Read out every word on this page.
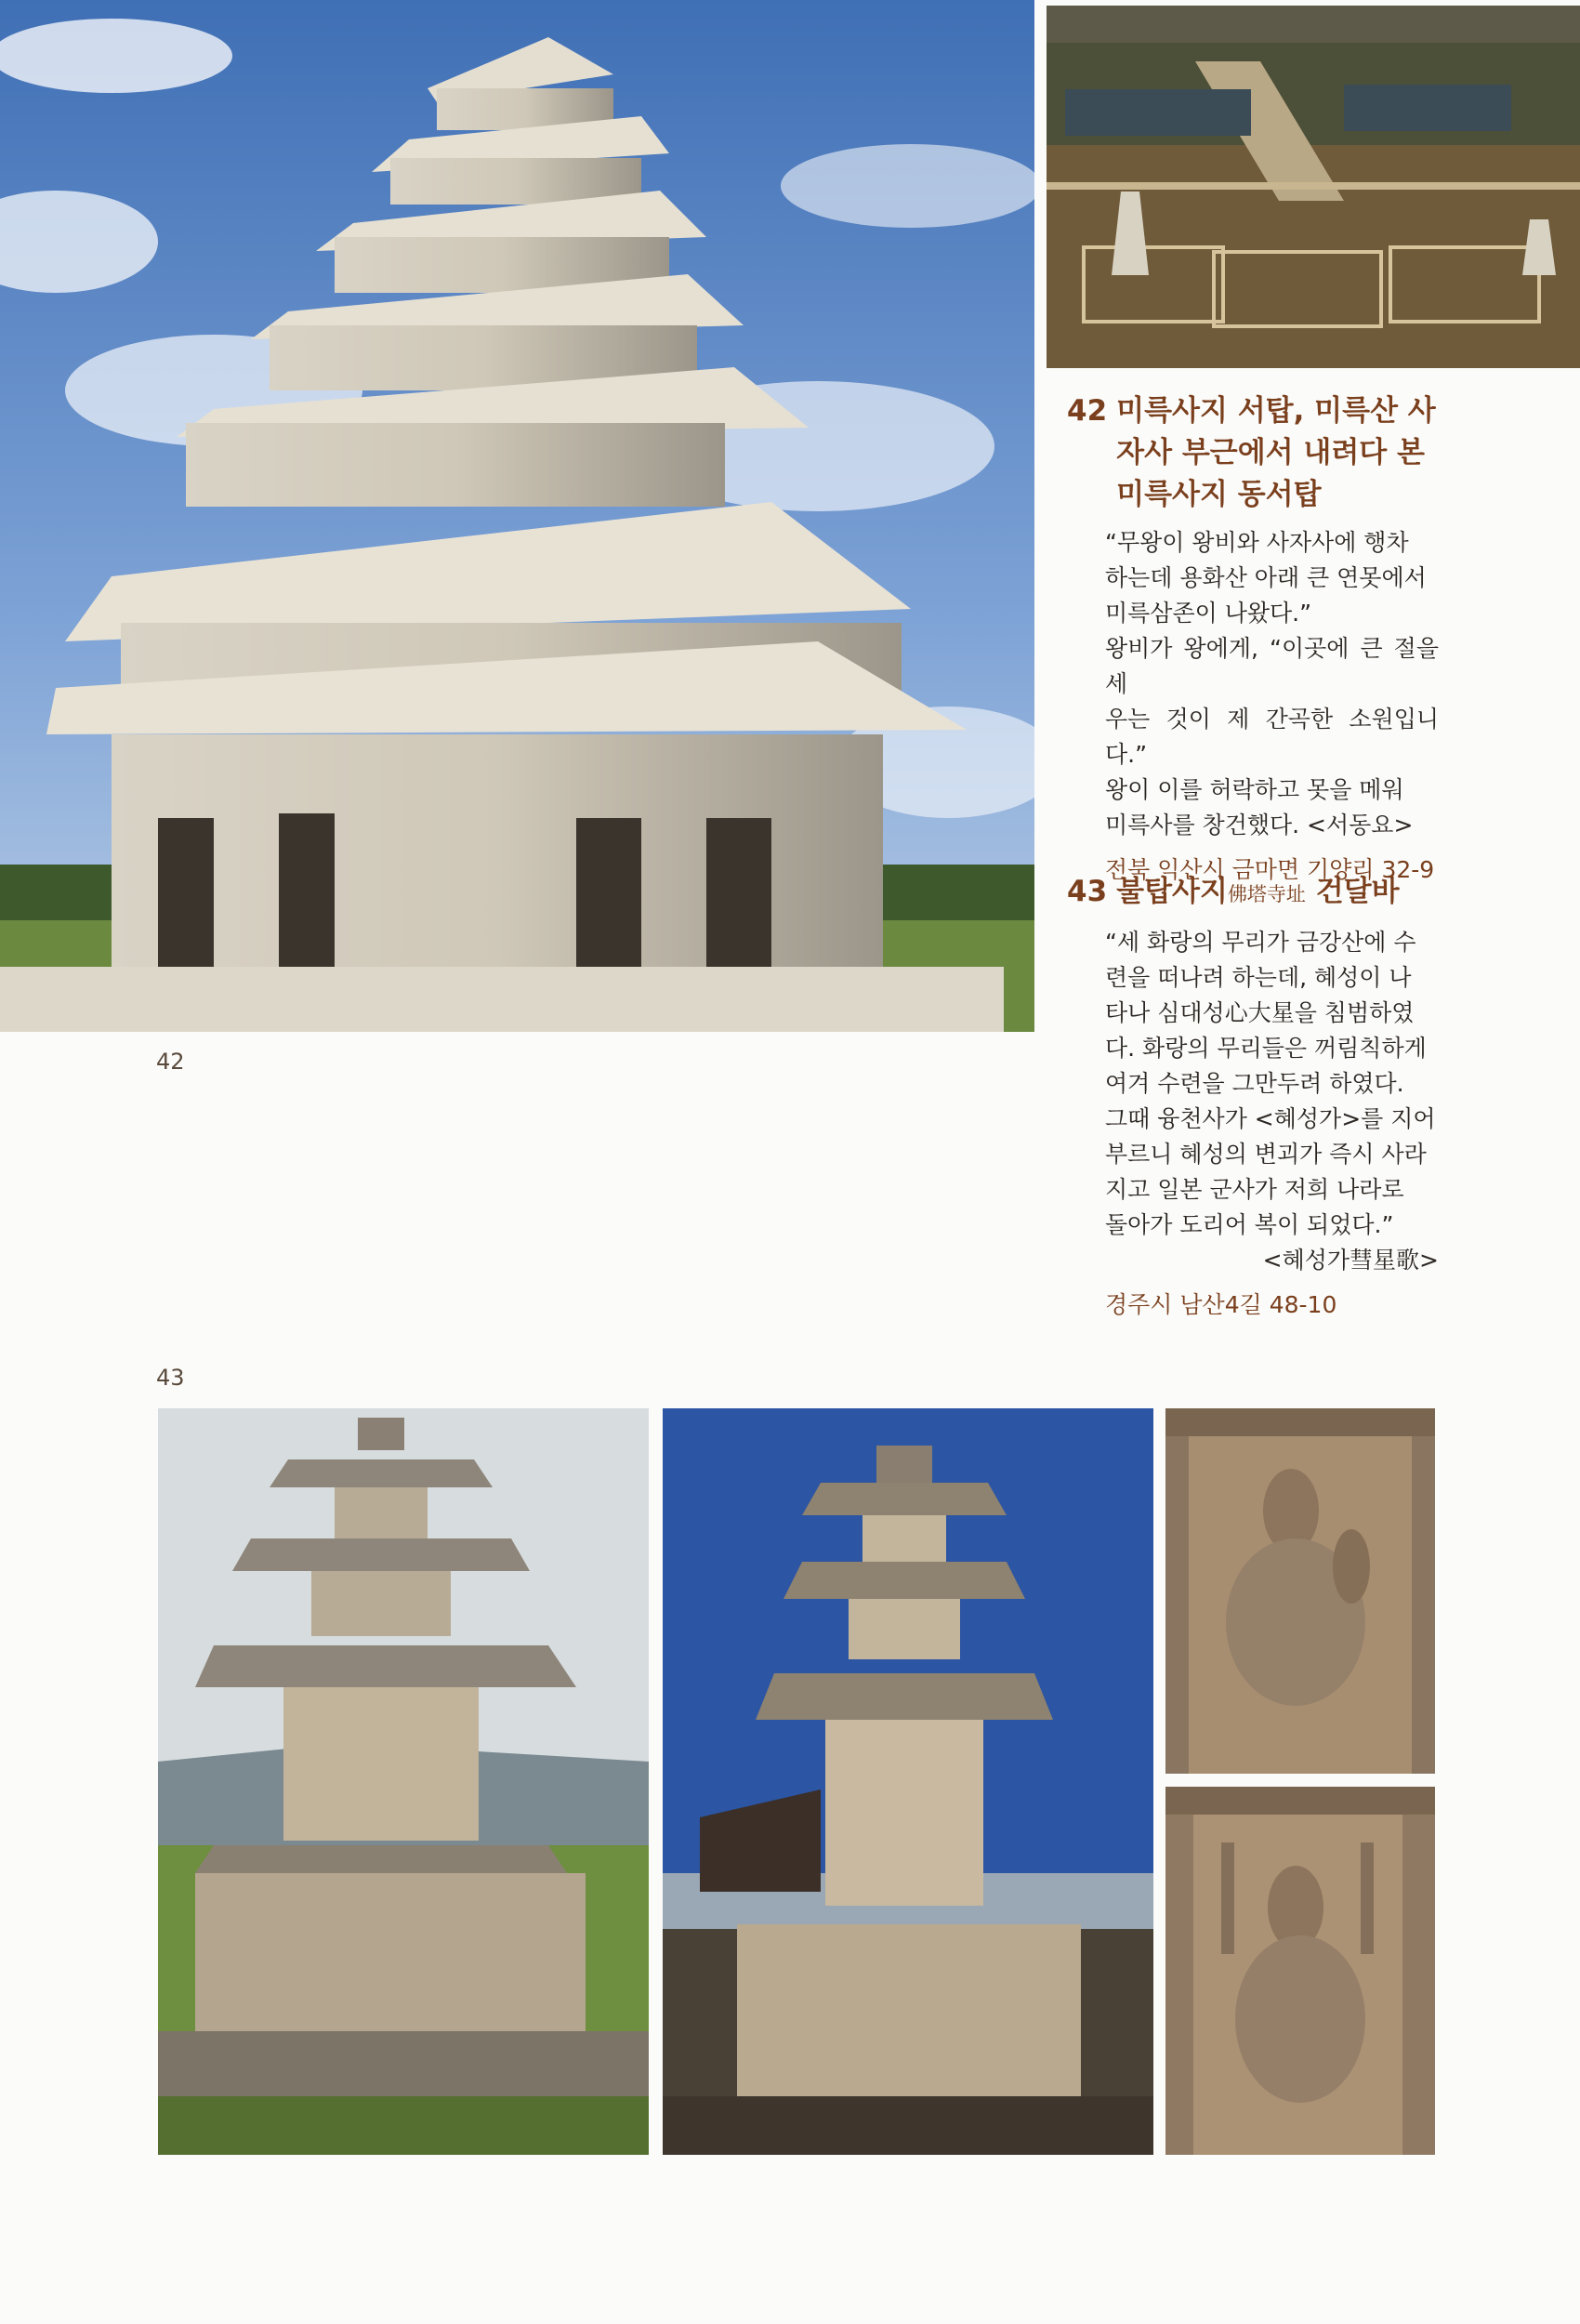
42
42 미륵사지 서탑, 미륵산 사자사 부근에서 내려다 본 미륵사지 동서탑

“무왕이 왕비와 사자사에 행차

하는데 용화산 아래 큰 연못에서

미륵삼존이 나왔다.”

왕비가 왕에게, “이곳에 큰 절을 세

우는 것이 제 간곡한 소원입니다.”

왕이 이를 허락하고 못을 메워

미륵사를 창건했다. <서동요>

전북 익산시 금마면 기양리 32-9

43 불탑사지佛塔寺址 건달바

“세 화랑의 무리가 금강산에 수

련을 떠나려 하는데, 혜성이 나

타나 심대성心大星을 침범하였

다. 화랑의 무리들은 꺼림칙하게

여겨 수련을 그만두려 하였다.

그때 융천사가 <혜성가>를 지어

부르니 혜성의 변괴가 즉시 사라

지고 일본 군사가 저희 나라로

돌아가 도리어 복이 되었다.”

<혜성가彗星歌>

경주시 남산4길 48-10

43
